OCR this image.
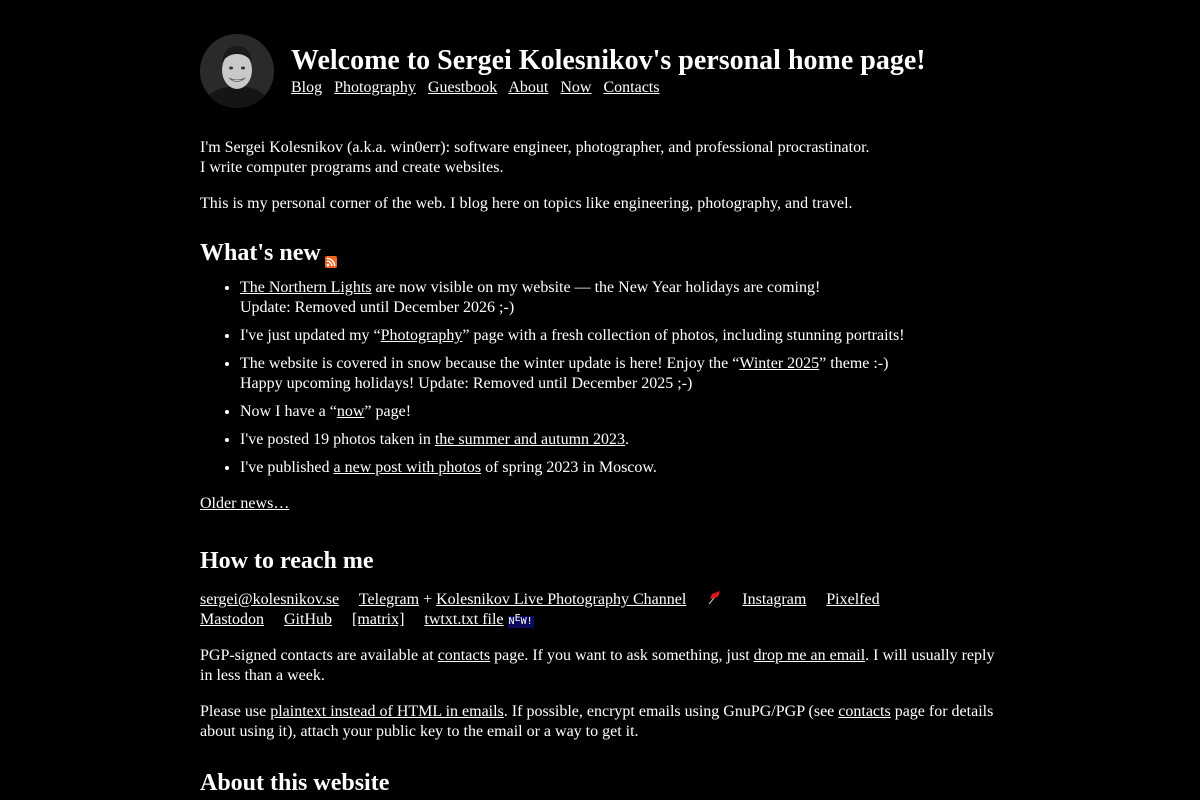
Welcome to Sergei Kolesnikov's personal home page!
Blog Photography Guestbook About Now Contacts

I'm Sergei Kolesnikov (a.k.a. win0err): software engineer, photographer, and professional procrastinator.
I write computer programs and create websites.

This is my personal corner of the web. I blog here on topics like engineering, photography, and travel.

What's new
• The Northern Lights are now visible on my website — the New Year holidays are coming!
Update: Removed until December 2026 ;-)
• I've just updated my “Photography” page with a fresh collection of photos, including stunning portraits!
• The website is covered in snow because the winter update is here! Enjoy the “Winter 2025” theme :-)
Happy upcoming holidays! Update: Removed until December 2025 ;-)
• Now I have a “now” page!
• I've posted 19 photos taken in the summer and autumn 2023.
• I've published a new post with photos of spring 2023 in Moscow.

Older news…

How to reach me
sergei@kolesnikov.se Telegram + Kolesnikov Live Photography Channel	Instagram Pixelfed
Mastodon GitHub [matrix] twtxt.txt file NEW!

PGP-signed contacts are available at contacts page. If you want to ask something, just drop me an email. I will usually reply in less than a week.

Please use plaintext instead of HTML in emails. If possible, encrypt emails using GnuPG/PGP (see contacts page for details about using it), attach your public key to the email or a way to get it.

About this website
